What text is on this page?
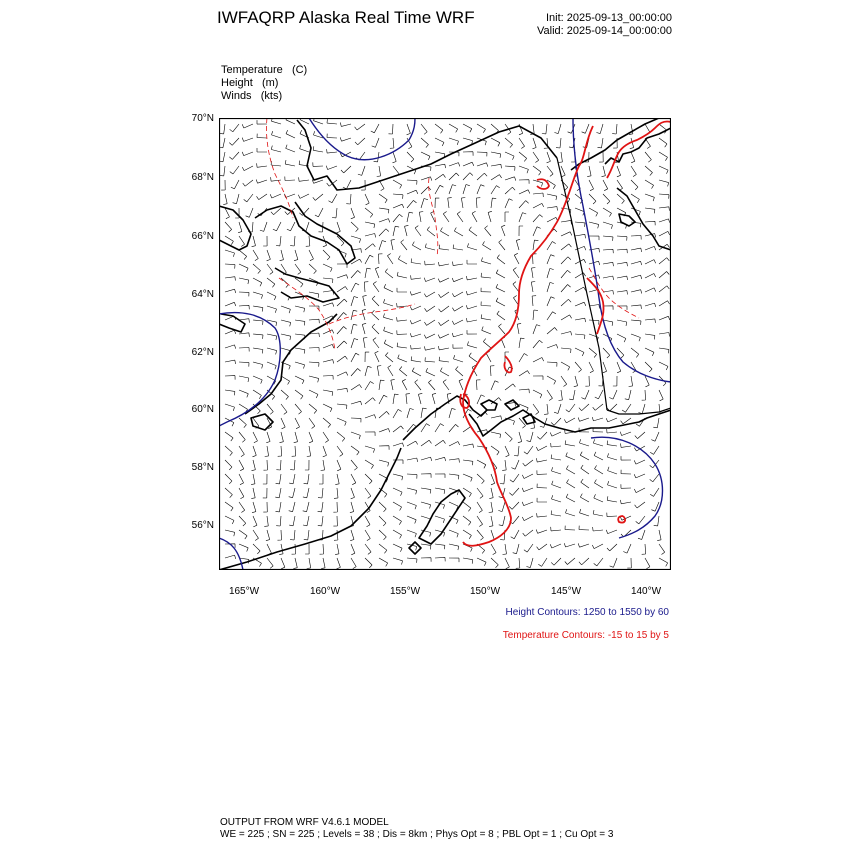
IWFAQRP Alaska Real Time WRF	Init: 2025-09-13_00:00:00
Valid: 2025-09-14_00:00:00
Temperature (C)
Height (m)
Winds (kts)
70°N
68°N
66°N
64°N
62°N
60°N
58°N
56°N
165°W	160°W	155°W	150°W	145°W	140°W
Height Contours: 1250 to 1550 by 60
Temperature Contours: -15 to 15 by 5
OUTPUT FROM WRF V4.6.1 MODEL
WE = 225 ; SN = 225 ; Levels = 38 ; Dis = 8km ; Phys Opt = 8 ; PBL Opt = 1 ; Cu Opt = 3
